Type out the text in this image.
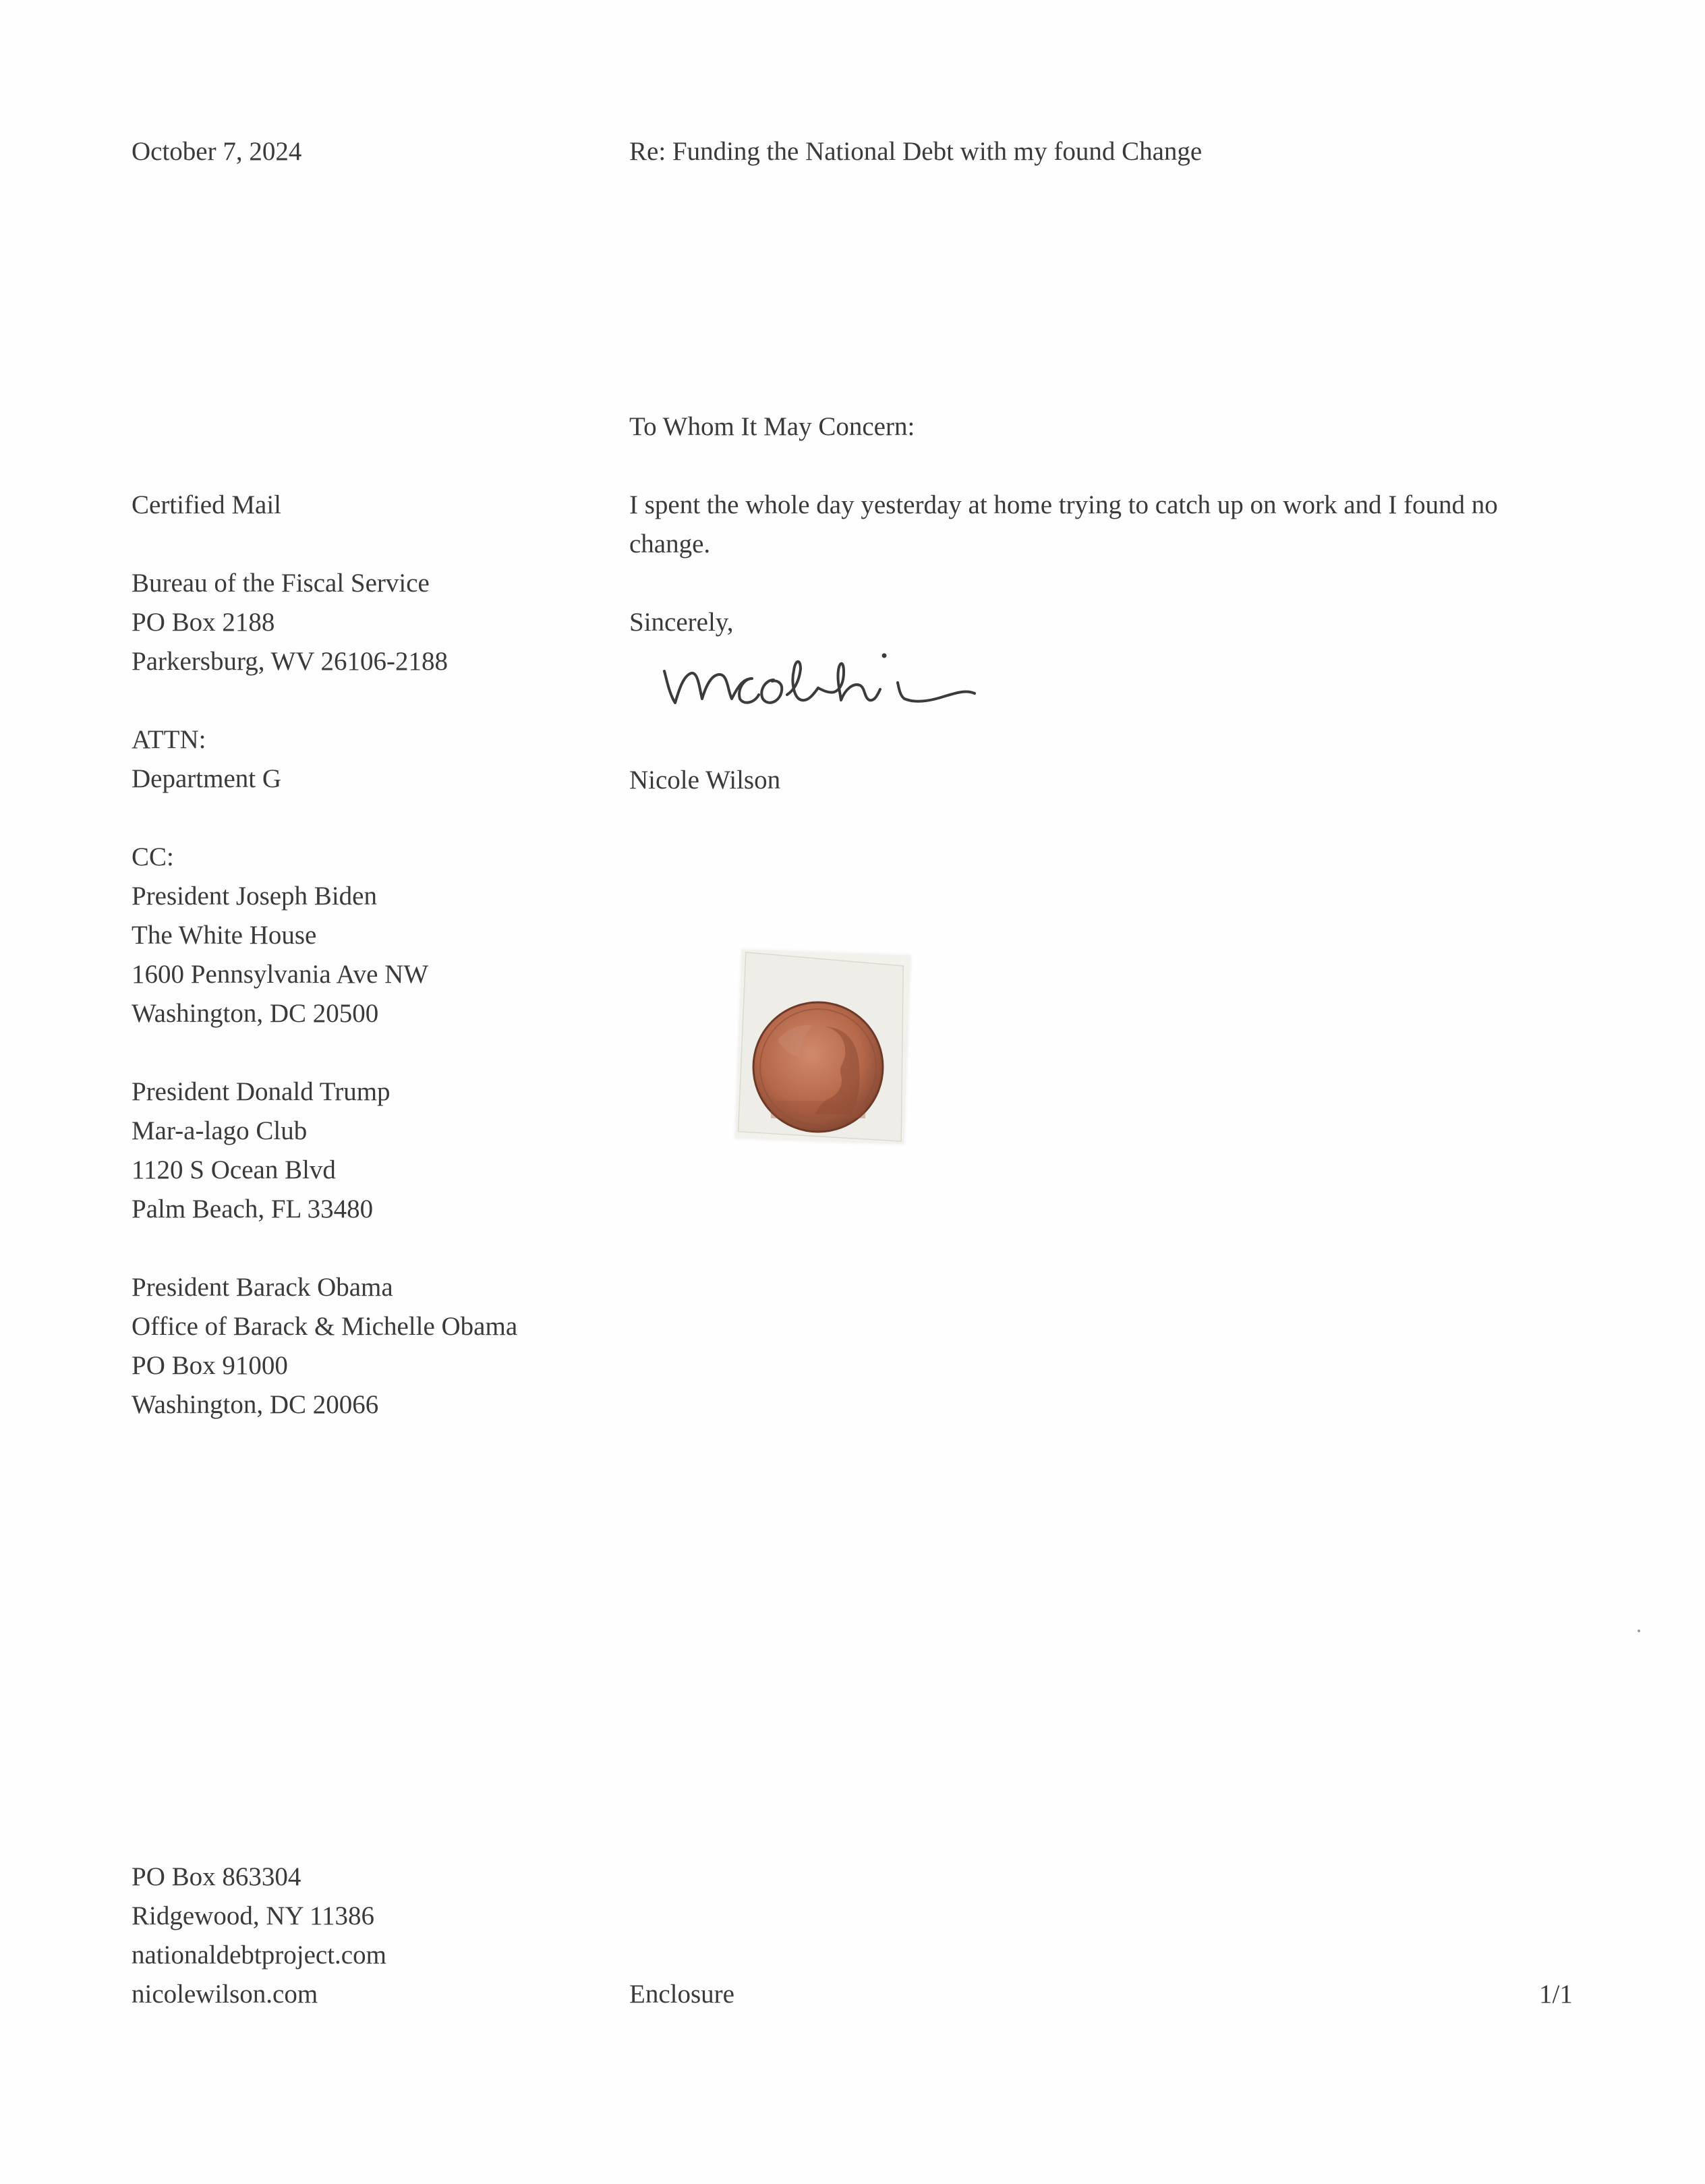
October 7, 2024	Re: Funding the National Debt with my found Change
To Whom It May Concern:
Certified Mail
Bureau of the Fiscal Service
PO Box 2188
Parkersburg, WV 26106-2188
ATTN:
Department G
CC:
President Joseph Biden
The White House
1600 Pennsylvania Ave NW
Washington, DC 20500
President Donald Trump
Mar-a-lago Club
1120 S Ocean Blvd
Palm Beach, FL 33480
President Barack Obama
Office of Barack & Michelle Obama
PO Box 91000
Washington, DC 20066
I spent the whole day yesterday at home trying to catch up on work and I found no change.
Sincerely,
Nicole Wilson
PO Box 863304
Ridgewood, NY 11386
nationaldebtproject.com
nicolewilson.com	Enclosure	1/1
